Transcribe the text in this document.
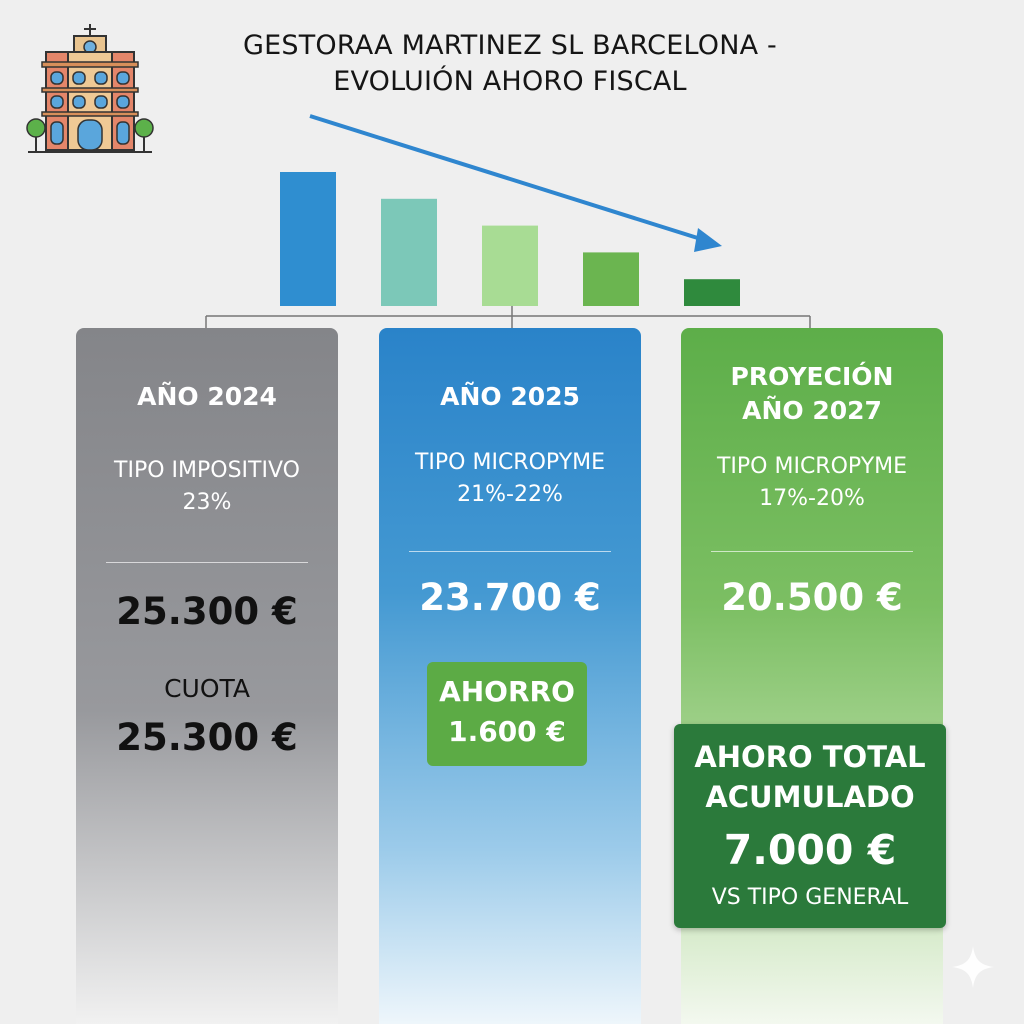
GESTORAA MARTINEZ SL BARCELONA -
EVOLUIÓN AHORO FISCAL
AÑO 2024
TIPO IMPOSITIVO
23%
25.300 €
CUOTA
25.300 €
AÑO 2025
TIPO MICROPYME
21%-22%
23.700 €
AHORRO
1.600 €
PROYECIÓN
AÑO 2027
TIPO MICROPYME
17%-20%
20.500 €
AHORO TOTAL
ACUMULADO
7.000 €
VS TIPO GENERAL
